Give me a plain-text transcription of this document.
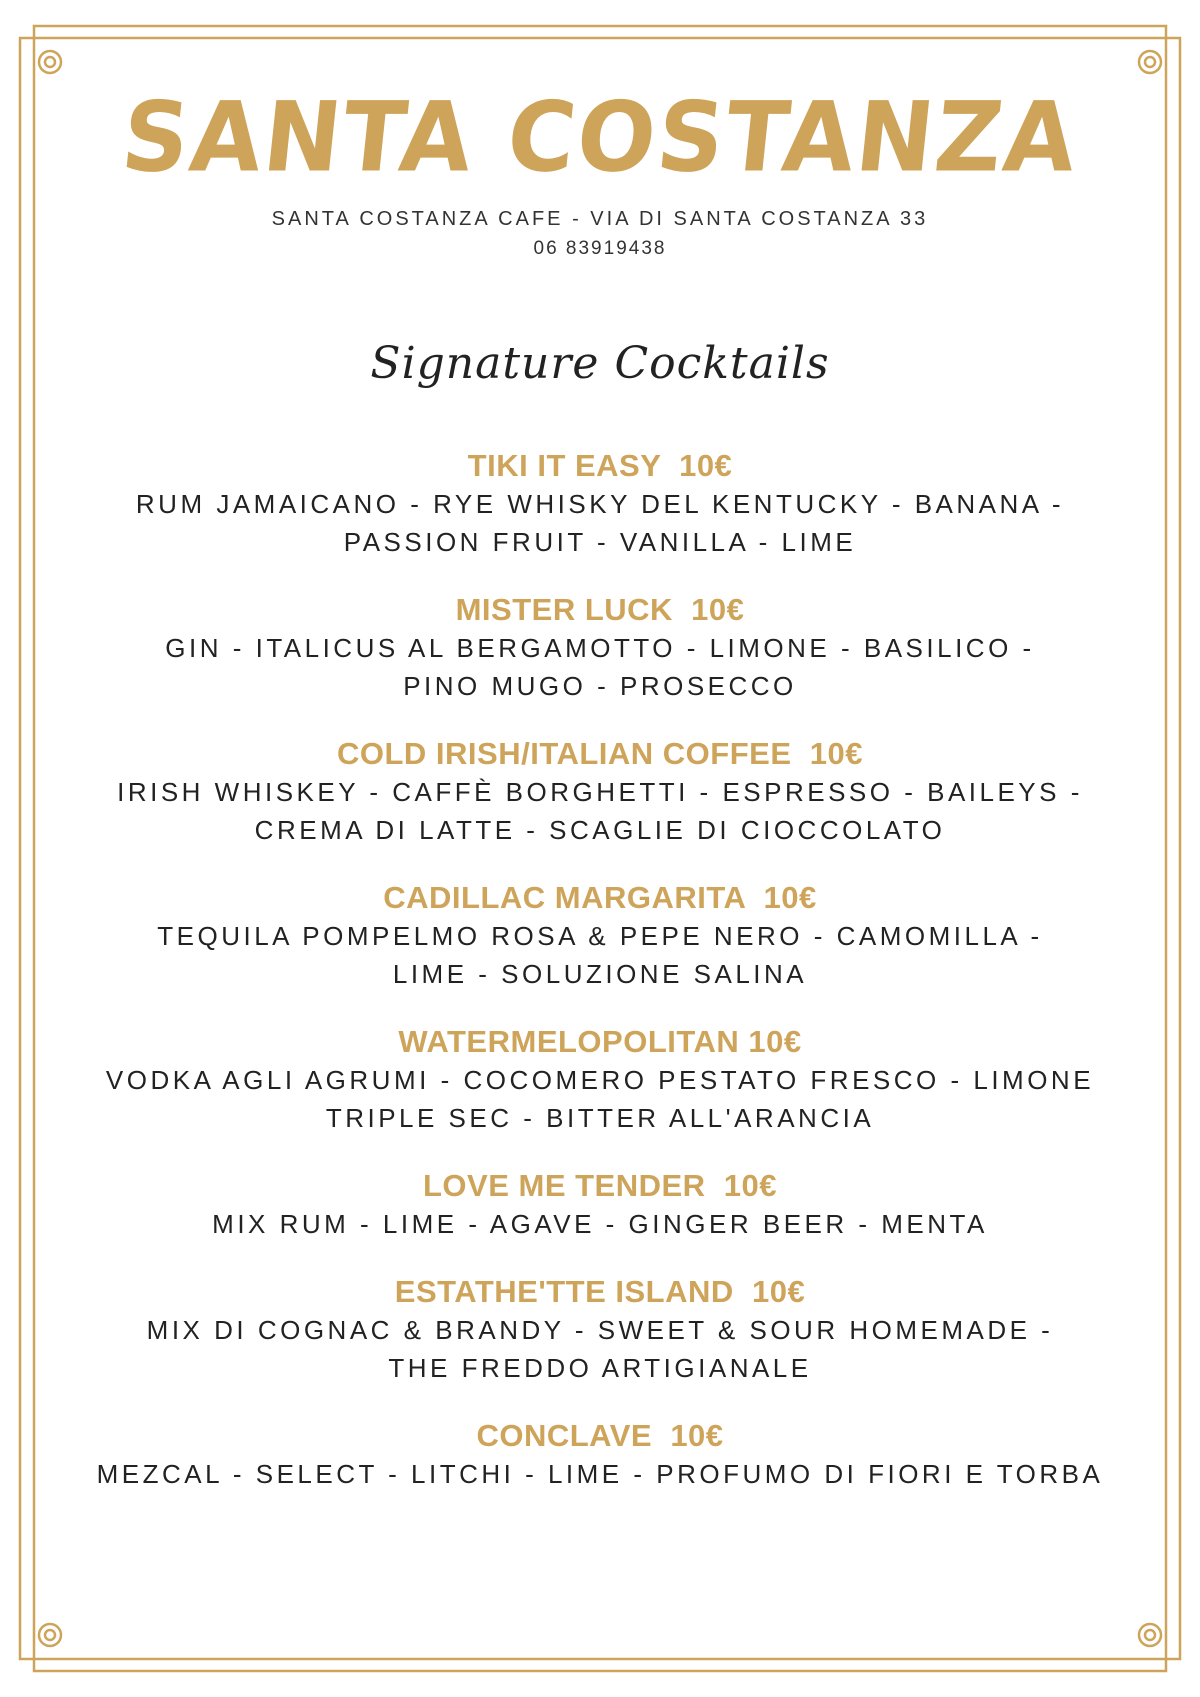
SANTA COSTANZA
SANTA COSTANZA CAFE - VIA DI SANTA COSTANZA 33
06 83919438
Signature Cocktails
TIKI IT EASY  10€
RUM JAMAICANO - RYE WHISKY DEL KENTUCKY - BANANA -
PASSION FRUIT - VANILLA - LIME
MISTER LUCK  10€
GIN - ITALICUS AL BERGAMOTTO - LIMONE - BASILICO -
PINO MUGO - PROSECCO
COLD IRISH/ITALIAN COFFEE  10€
IRISH WHISKEY - CAFFÈ BORGHETTI - ESPRESSO - BAILEYS -
CREMA DI LATTE - SCAGLIE DI CIOCCOLATO
CADILLAC MARGARITA  10€
TEQUILA POMPELMO ROSA & PEPE NERO - CAMOMILLA -
LIME - SOLUZIONE SALINA
WATERMELOPOLITAN 10€
VODKA AGLI AGRUMI - COCOMERO PESTATO FRESCO - LIMONE
TRIPLE SEC - BITTER ALL'ARANCIA
LOVE ME TENDER  10€
MIX RUM - LIME - AGAVE - GINGER BEER - MENTA
ESTATHE'TTE ISLAND  10€
MIX DI COGNAC & BRANDY - SWEET & SOUR HOMEMADE -
THE FREDDO ARTIGIANALE
CONCLAVE  10€
MEZCAL - SELECT - LITCHI - LIME - PROFUMO DI FIORI E TORBA
